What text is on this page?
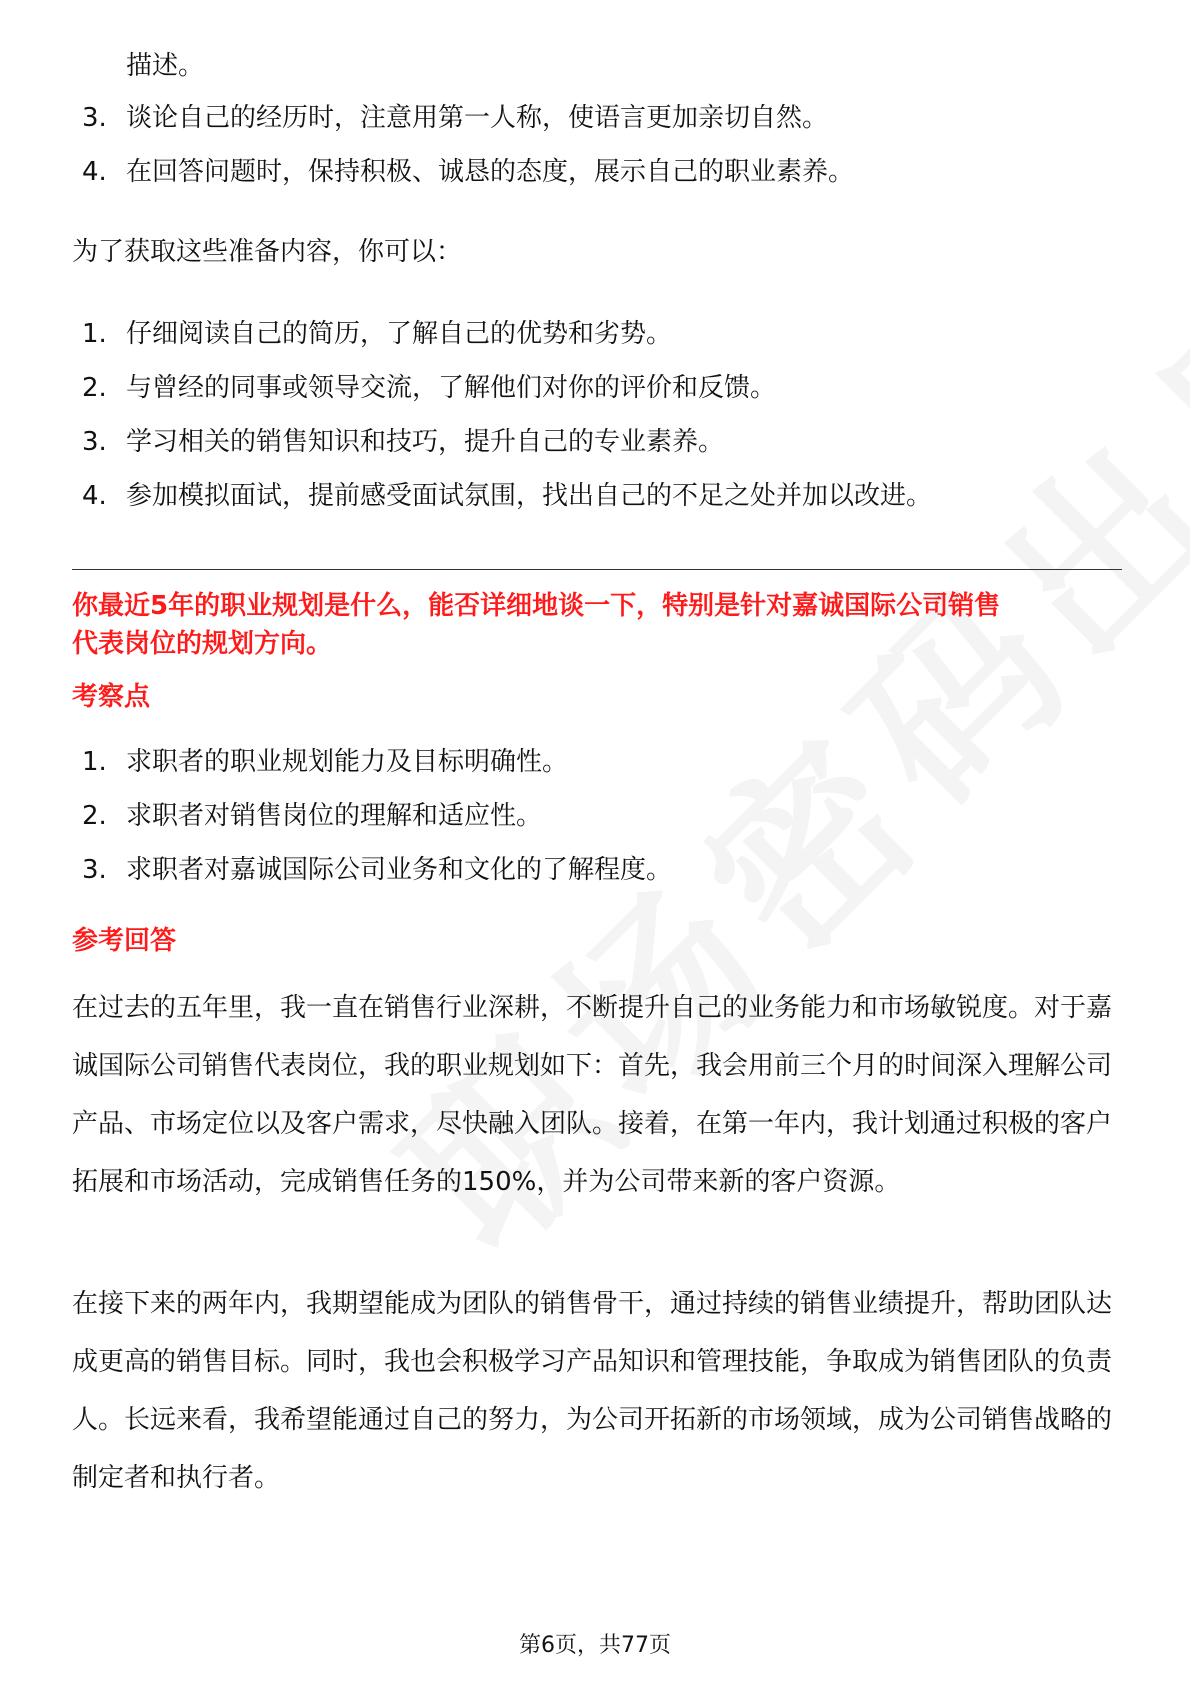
描述。
3. 谈论自己的经历时，注意用第一人称，使语言更加亲切自然。
4. 在回答问题时，保持积极、诚恳的态度，展示自己的职业素养。
为了获取这些准备内容，你可以：
1. 仔细阅读自己的简历，了解自己的优势和劣势。
2. 与曾经的同事或领导交流，了解他们对你的评价和反馈。
3. 学习相关的销售知识和技巧，提升自己的专业素养。
4. 参加模拟面试，提前感受面试氛围，找出自己的不足之处并加以改进。
你最近5年的职业规划是什么，能否详细地谈一下，特别是针对嘉诚国际公司销售
代表岗位的规划方向。
考察点
1. 求职者的职业规划能力及目标明确性。
2. 求职者对销售岗位的理解和适应性。
3. 求职者对嘉诚国际公司业务和文化的了解程度。
参考回答
在过去的五年里，我一直在销售行业深耕，不断提升自己的业务能力和市场敏锐度。对于嘉诚国际公司销售代表岗位，我的职业规划如下：首先，我会用前三个月的时间深入理解公司产品、市场定位以及客户需求，尽快融入团队。接着，在第一年内，我计划通过积极的客户拓展和市场活动，完成销售任务的150%，并为公司带来新的客户资源。
在接下来的两年内，我期望能成为团队的销售骨干，通过持续的销售业绩提升，帮助团队达成更高的销售目标。同时，我也会积极学习产品知识和管理技能，争取成为销售团队的负责人。长远来看，我希望能通过自己的努力，为公司开拓新的市场领域，成为公司销售战略的制定者和执行者。
第6页，共77页
